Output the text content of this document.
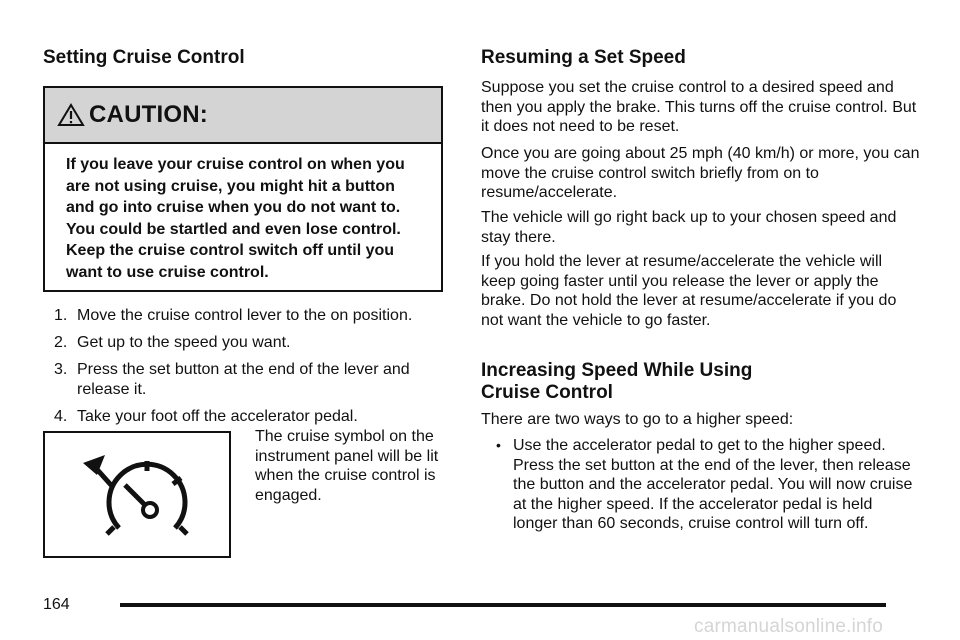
Setting Cruise Control
CAUTION:
If you leave your cruise control on when you are not using cruise, you might hit a button and go into cruise when you do not want to. You could be startled and even lose control. Keep the cruise control switch off until you want to use cruise control.
1. Move the cruise control lever to the on position.
2. Get up to the speed you want.
3. Press the set button at the end of the lever and release it.
4. Take your foot off the accelerator pedal.
The cruise symbol on the instrument panel will be lit when the cruise control is engaged.
Resuming a Set Speed

Suppose you set the cruise control to a desired speed and then you apply the brake. This turns off the cruise control. But it does not need to be reset.

Once you are going about 25 mph (40 km/h) or more, you can move the cruise control switch briefly from on to resume/accelerate.

The vehicle will go right back up to your chosen speed and stay there.

If you hold the lever at resume/accelerate the vehicle will keep going faster until you release the lever or apply the brake. Do not hold the lever at resume/accelerate if you do not want the vehicle to go faster.

Increasing Speed While Using
Cruise Control

There are two ways to go to a higher speed:

• Use the accelerator pedal to get to the higher speed. Press the set button at the end of the lever, then release the button and the accelerator pedal. You will now cruise at the higher speed. If the accelerator pedal is held longer than 60 seconds, cruise control will turn off.
164
carmanualsonline.info
